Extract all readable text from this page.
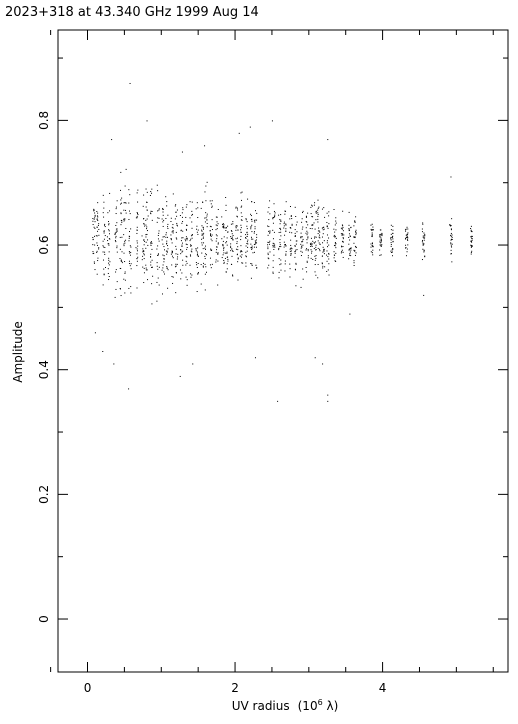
2023+318 at 43.340 GHz 1999 Aug 14
0	2	4
0
0.2
0.4
0.6
0.8
UV radius ($10^6$ λ)
Amplitude
